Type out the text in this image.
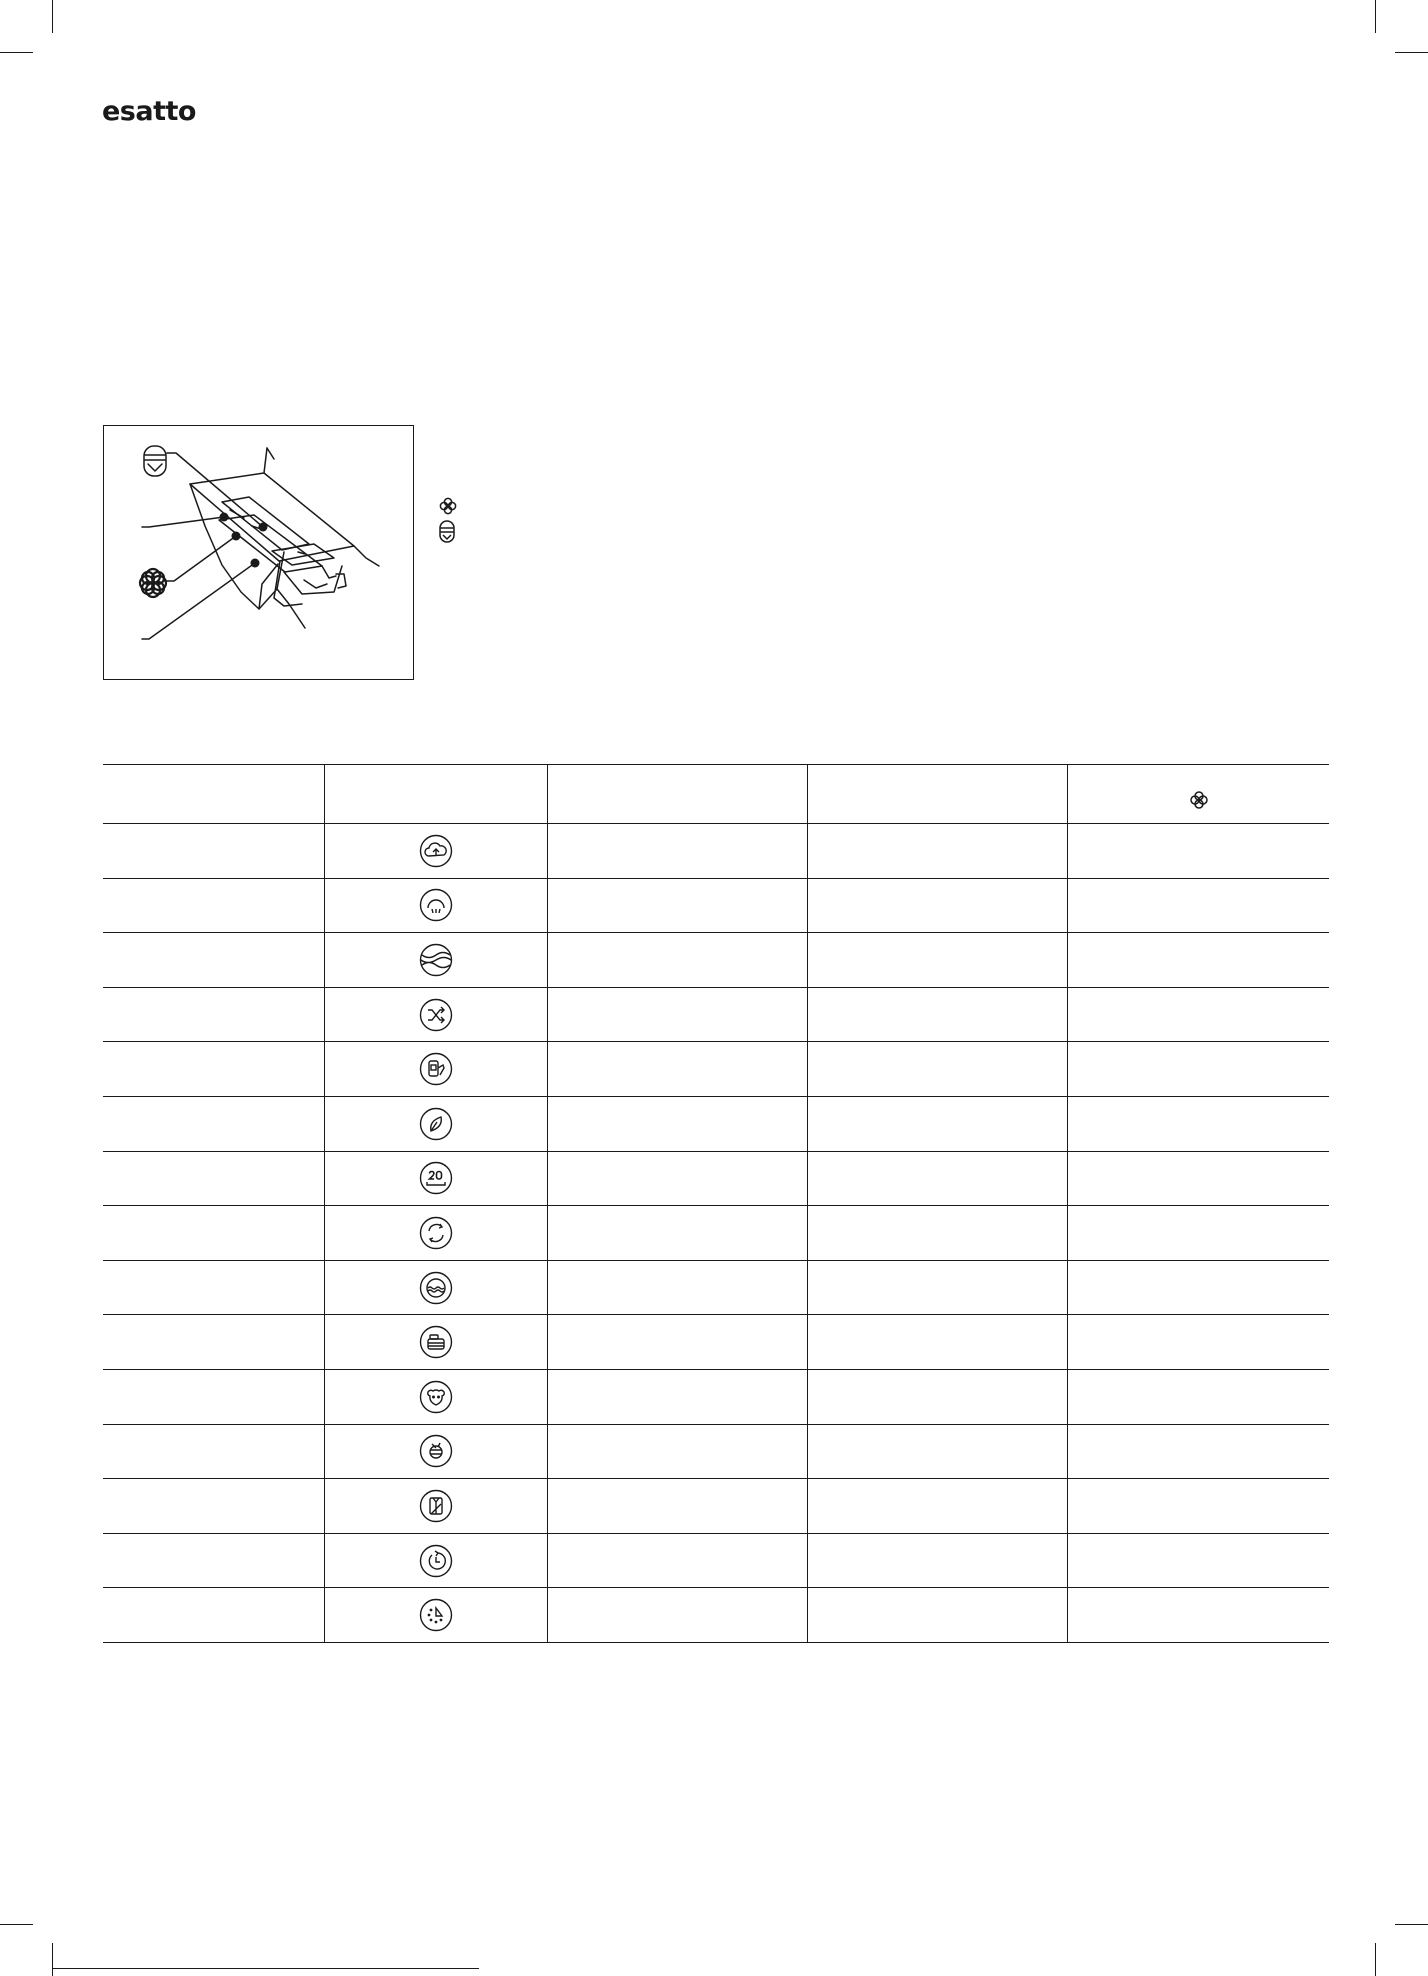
esatto
